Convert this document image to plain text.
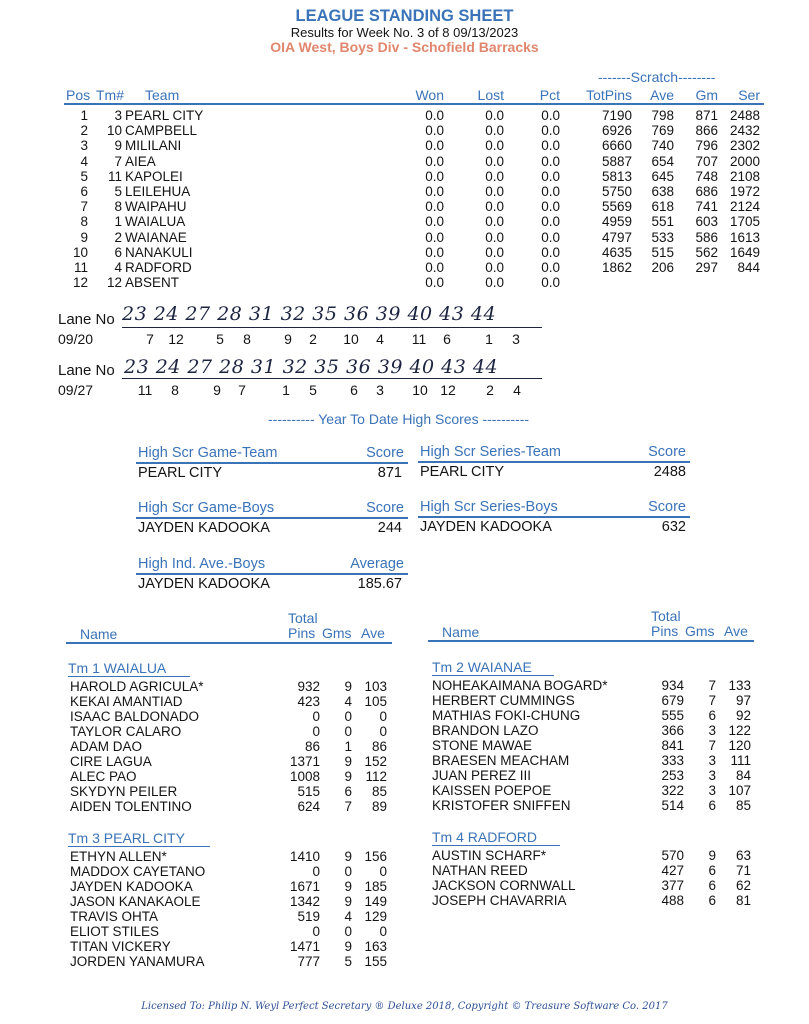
LEAGUE STANDING SHEET
Results for Week No. 3 of 8 09/13/2023
OIA West, Boys Div - Schofield Barracks
-------Scratch--------
Pos Tm# Team	Won	Lost	Pct	TotPins	Ave	Gm	Ser
1	3 PEARL CITY	0.0	0.0	0.0	7190	798	871 2488
2	10 CAMPBELL	0.0	0.0	0.0	6926	769	866 2432
3	9 MILILANI	0.0	0.0	0.0	6660	740	796 2302
4	7 AIEA	0.0	0.0	0.0	5887	654	707 2000
5	11 KAPOLEI	0.0	0.0	0.0	5813	645	748 2108
6	5 LEILEHUA	0.0	0.0	0.0	5750	638	686 1972
7	8 WAIPAHU	0.0	0.0	0.0	5569	618	741 2124
8	1 WAIALUA	0.0	0.0	0.0	4959	551	603 1705
9	2 WAIANAE	0.0	0.0	0.0	4797	533	586 1613
10	6 NANAKULI	0.0	0.0	0.0	4635	515	562 1649
11	4 RADFORD	0.0	0.0	0.0	1862	206	297	844
12	12 ABSENT	0.0	0.0	0.0
Lane No 23 24 27 28 31 32 35 36 39 40 43 44
09/20	7	12	5	8	9	2	10	4	11	6	1	3
Lane No 23 24 27 28 31 32 35 36 39 40 43 44
09/27	11	8	9	7	1	5	6	3	10 12	2	4
---------- Year To Date High Scores ----------
High Scr Game-Team	Score
PEARL CITY	871
High Scr Series-Team	Score
PEARL CITY	2488
High Scr Game-Boys	Score
JAYDEN KADOOKA	244
High Scr Series-Boys	Score
JAYDEN KADOOKA	632
High Ind. Ave.-Boys	Average
JAYDEN KADOOKA	185.67
Total
Name	Pins Gms Ave
Total
Name	Pins Gms Ave
Tm 1 WAIALUA
HAROLD AGRICULA*	932	9 103
KEKAI AMANTIAD	423	4 105
ISAAC BALDONADO	0	0	0
TAYLOR CALARO	0	0	0
ADAM DAO	86	1	86
CIRE LAGUA	1371	9 152
ALEC PAO	1008	9 112
SKYDYN PEILER	515	6	85
AIDEN TOLENTINO	624	7	89
Tm 2 WAIANAE
NOHEAKAIMANA BOGARD*	934	7 133
HERBERT CUMMINGS	679	7	97
MATHIAS FOKI-CHUNG	555	6	92
BRANDON LAZO	366	3 122
STONE MAWAE	841	7 120
BRAESEN MEACHAM	333	3	111
JUAN PEREZ III	253	3	84
KAISSEN POEPOE	322	3 107
KRISTOFER SNIFFEN	514	6	85
Tm 3 PEARL CITY
ETHYN ALLEN*	1410	9 156
MADDOX CAYETANO	0	0	0
JAYDEN KADOOKA	1671	9 185
JASON KANAKAOLE	1342	9 149
TRAVIS OHTA	519	4 129
ELIOT STILES	0	0	0
TITAN VICKERY	1471	9 163
JORDEN YANAMURA	777	5 155
Tm 4 RADFORD
AUSTIN SCHARF*	570	9	63
NATHAN REED	427	6	71
JACKSON CORNWALL	377	6	62
JOSEPH CHAVARRIA	488	6	81
Licensed To: Philip N. Weyl Perfect Secretary ® Deluxe 2018, Copyright © Treasure Software Co. 2017
